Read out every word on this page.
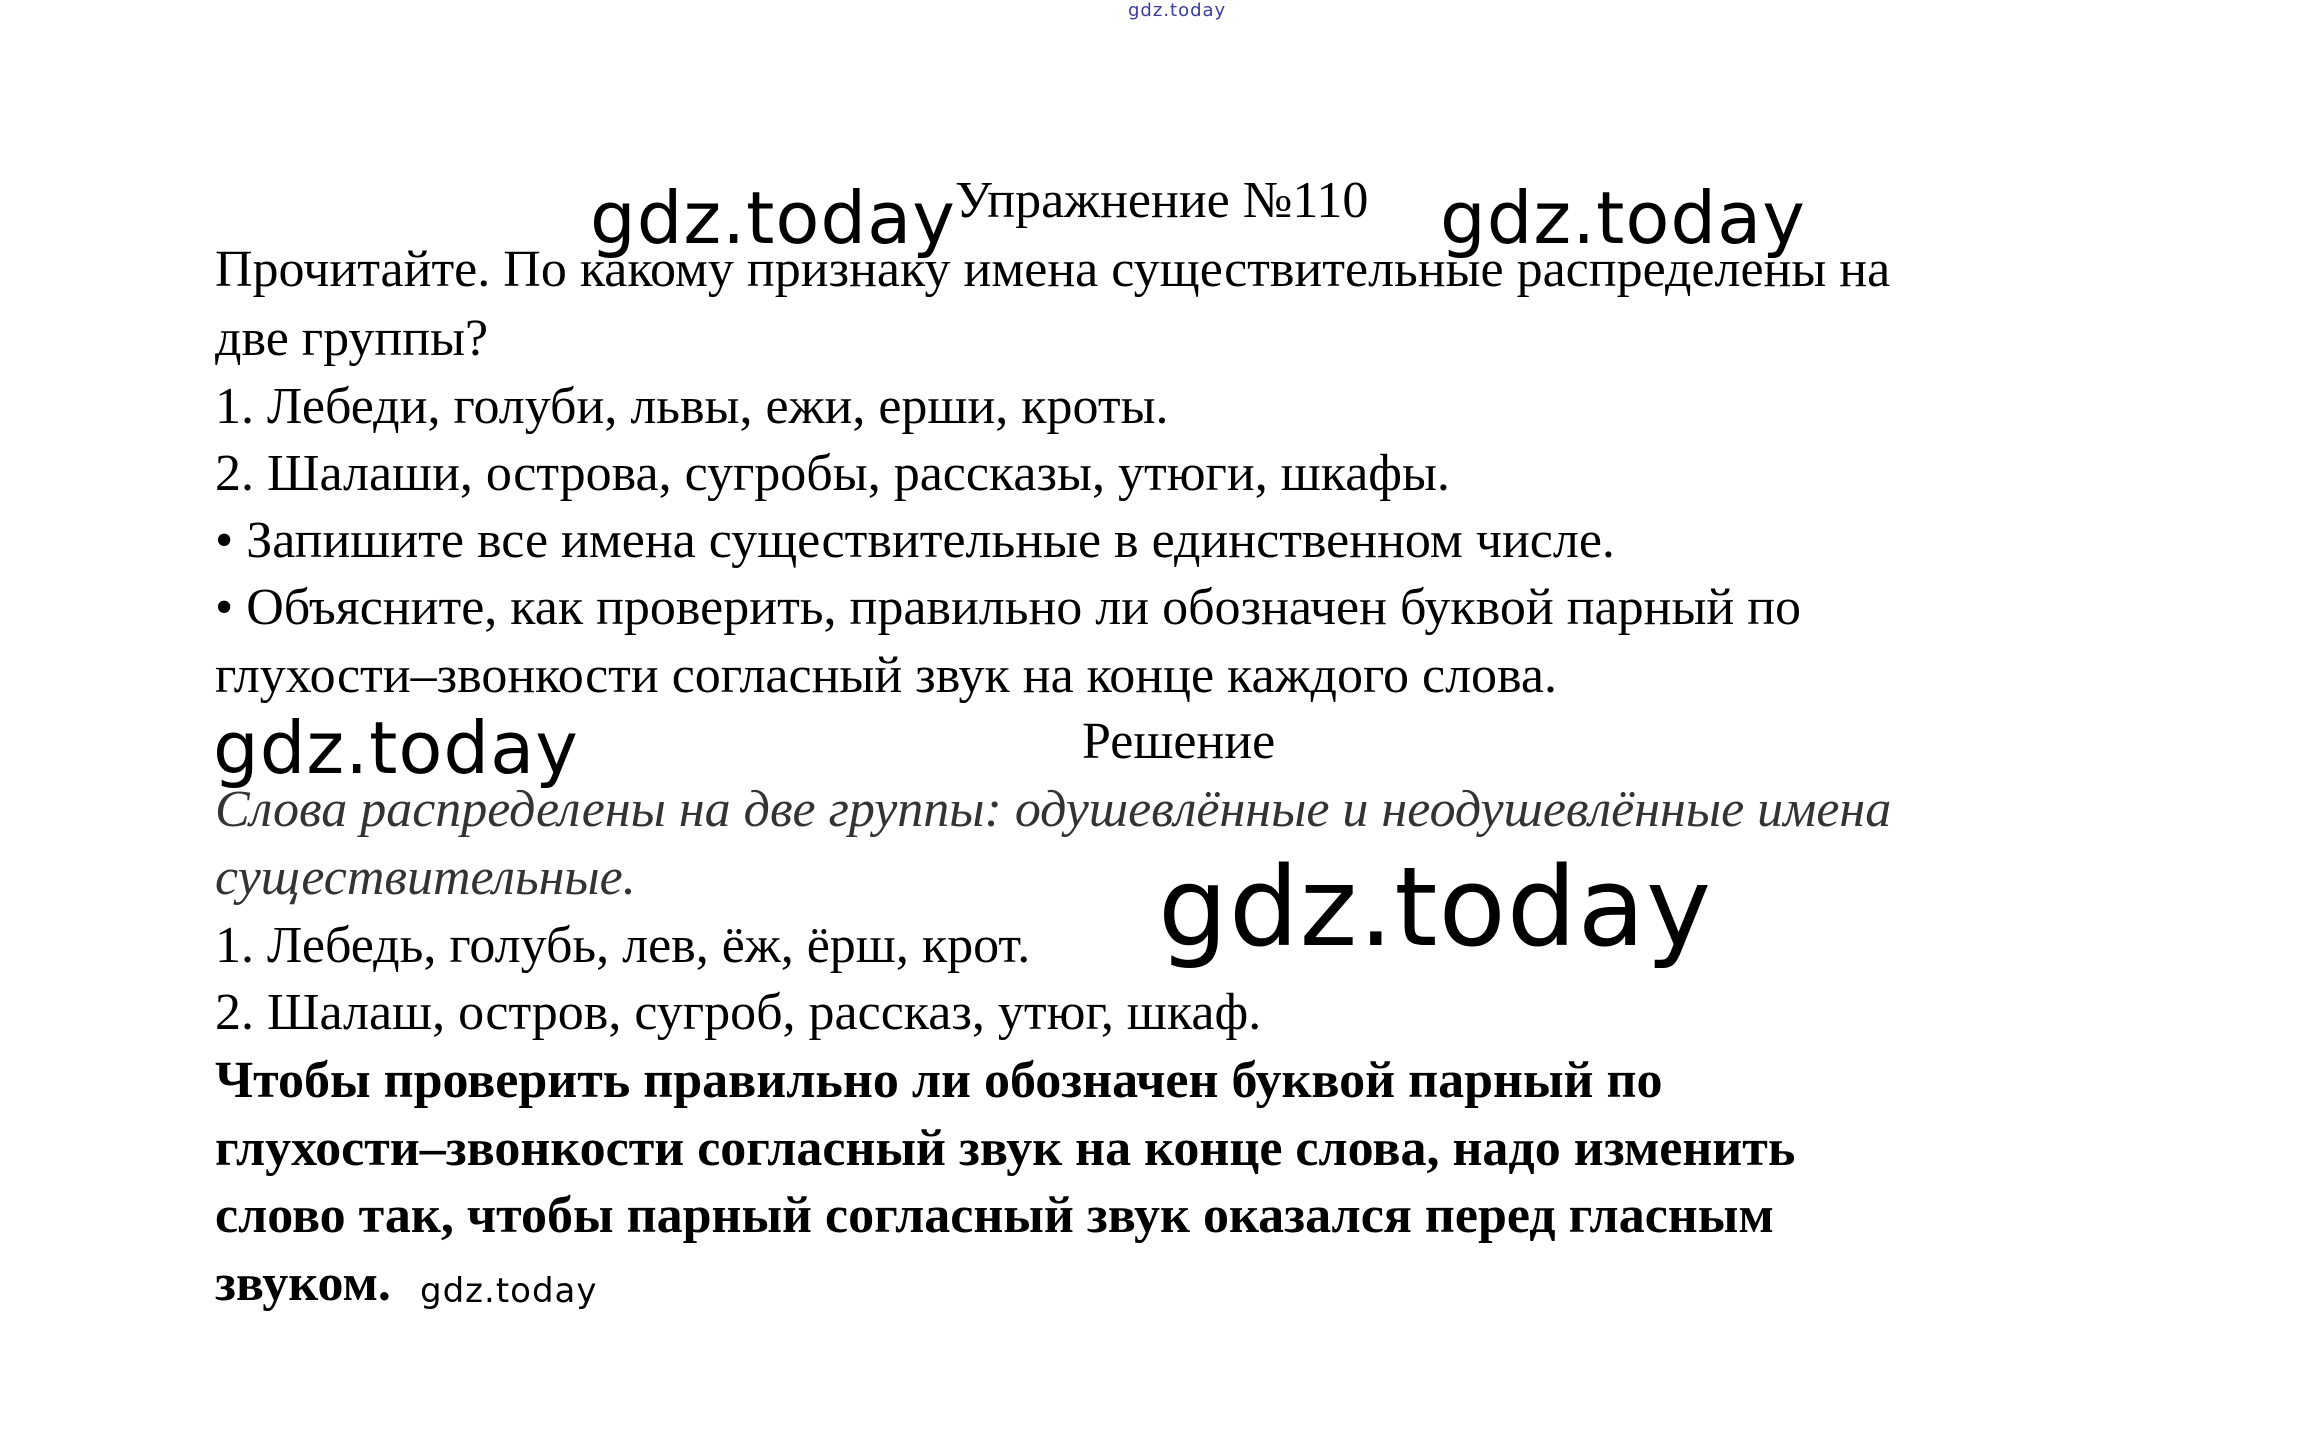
gdz.today
gdz.today	gdz.today
gdz.today
gdz.today
Упражнение №110
Прочитайте. По какому признаку имена существительные распределены на
две группы?
1. Лебеди, голуби, львы, ежи, ерши, кроты.
2. Шалаши, острова, сугробы, рассказы, утюги, шкафы.
• Запишите все имена существительные в единственном числе.
• Объясните, как проверить, правильно ли обозначен буквой парный по
глухости–звонкости согласный звук на конце каждого слова.
Решение
Слова распределены на две группы: одушевлённые и неодушевлённые имена
существительные.
1. Лебедь, голубь, лев, ёж, ёрш, крот.
2. Шалаш, остров, сугроб, рассказ, утюг, шкаф.
Чтобы проверить правильно ли обозначен буквой парный по
глухости–звонкости согласный звук на конце слова, надо изменить
слово так, чтобы парный согласный звук оказался перед гласным
звуком. gdz.today
